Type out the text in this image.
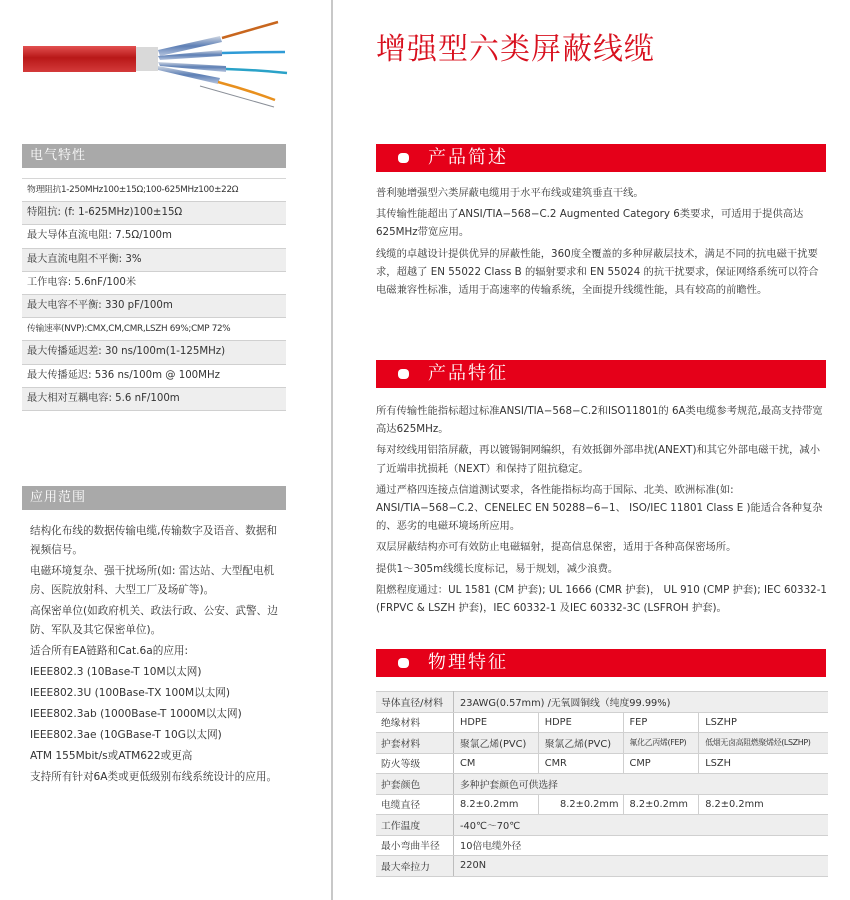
电气特性
物理阻抗1-250MHz100±15Ω;100-625MHz100±22Ω
特阻抗: (f: 1-625MHz)100±15Ω
最大导体直流电阻: 7.5Ω/100m
最大直流电阻不平衡: 3%
工作电容: 5.6nF/100米
最大电容不平衡: 330 pF/100m
传输速率(NVP):CMX,CM,CMR,LSZH 69%;CMP 72%
最大传播延迟差: 30 ns/100m(1-125MHz)
最大传播延迟: 536 ns/100m @ 100MHz
最大相对互耦电容: 5.6 nF/100m
应用范围

结构化布线的数据传输电缆,传输数字及语音、数据和视频信号。

电磁环境复杂、强干扰场所(如: 雷达站、大型配电机房、医院放射科、大型工厂及场矿等)。

高保密单位(如政府机关、政法行政、公安、武警、边防、军队及其它保密单位)。

适合所有EA链路和Cat.6a的应用:

IEEE802.3 (10Base-T 10M以太网)

IEEE802.3U (100Base-TX 100M以太网)

IEEE802.3ab (1000Base-T 1000M以太网)

IEEE802.3ae (10GBase-T 10G以太网)

ATM 155Mbit/s或ATM622或更高

支持所有针对6A类或更低级别布线系统设计的应用。

增强型六类屏蔽线缆
产品简述

普利驰增强型六类屏蔽电缆用于水平布线或建筑垂直干线。

其传输性能超出了ANSI/TIA−568−C.2 Augmented Category 6类要求，可适用于提供高达625MHz带宽应用。

线缆的卓越设计提供优异的屏蔽性能，360度全覆盖的多种屏蔽层技术，满足不同的抗电磁干扰要求，超越了 EN 55022 Class B 的辐射要求和 EN 55024 的抗干扰要求，保证网络系统可以符合电磁兼容性标准，适用于高速率的传输系统，全面提升线缆性能，具有较高的前瞻性。

产品特征

所有传输性能指标超过标准ANSI/TIA−568−C.2和ISO11801的 6A类电缆参考规范,最高支持带宽高达625MHz。

每对绞线用铝箔屏蔽，再以镀锡铜网编织，有效抵御外部串扰(ANEXT)和其它外部电磁干扰，减小了近端串扰损耗（NEXT）和保持了阻抗稳定。

通过严格四连接点信道测试要求，各性能指标均高于国际、北美、欧洲标准(如: ANSI/TIA−568−C.2、CENELEC EN 50288−6−1、 ISO/IEC 11801 Class E )能适合各种复杂的、恶劣的电磁环境场所应用。

双层屏蔽结构亦可有效防止电磁辐射，提高信息保密，适用于各种高保密场所。

提供1～305m线缆长度标记，易于规划，减少浪费。

阻燃程度通过：UL 1581 (CM 护套); UL 1666 (CMR 护套)， UL 910 (CMP 护套); IEC 60332-1 (FRPVC & LSZH 护套)，IEC 60332-1 及IEC 60332-3C (LSFROH 护套)。

物理特征
导体直径/材料	23AWG(0.57mm) /无氧圆铜线（纯度99.99%)			
绝缘材料	HDPE	HDPE	FEP	LSZHP
护套材料	聚氯乙烯(PVC)	聚氯乙烯(PVC)	氟化乙丙烯(FEP)	低烟无卤高阻燃聚烯烃(LSZHP)
防火等级	CM	CMR	CMP	LSZH
护套颜色	多种护套颜色可供选择			
电缆直径	8.2±0.2mm	8.2±0.2mm	8.2±0.2mm	8.2±0.2mm
工作温度	-40℃～70℃			
最小弯曲半径	10倍电缆外径			
最大牵拉力	220N			
